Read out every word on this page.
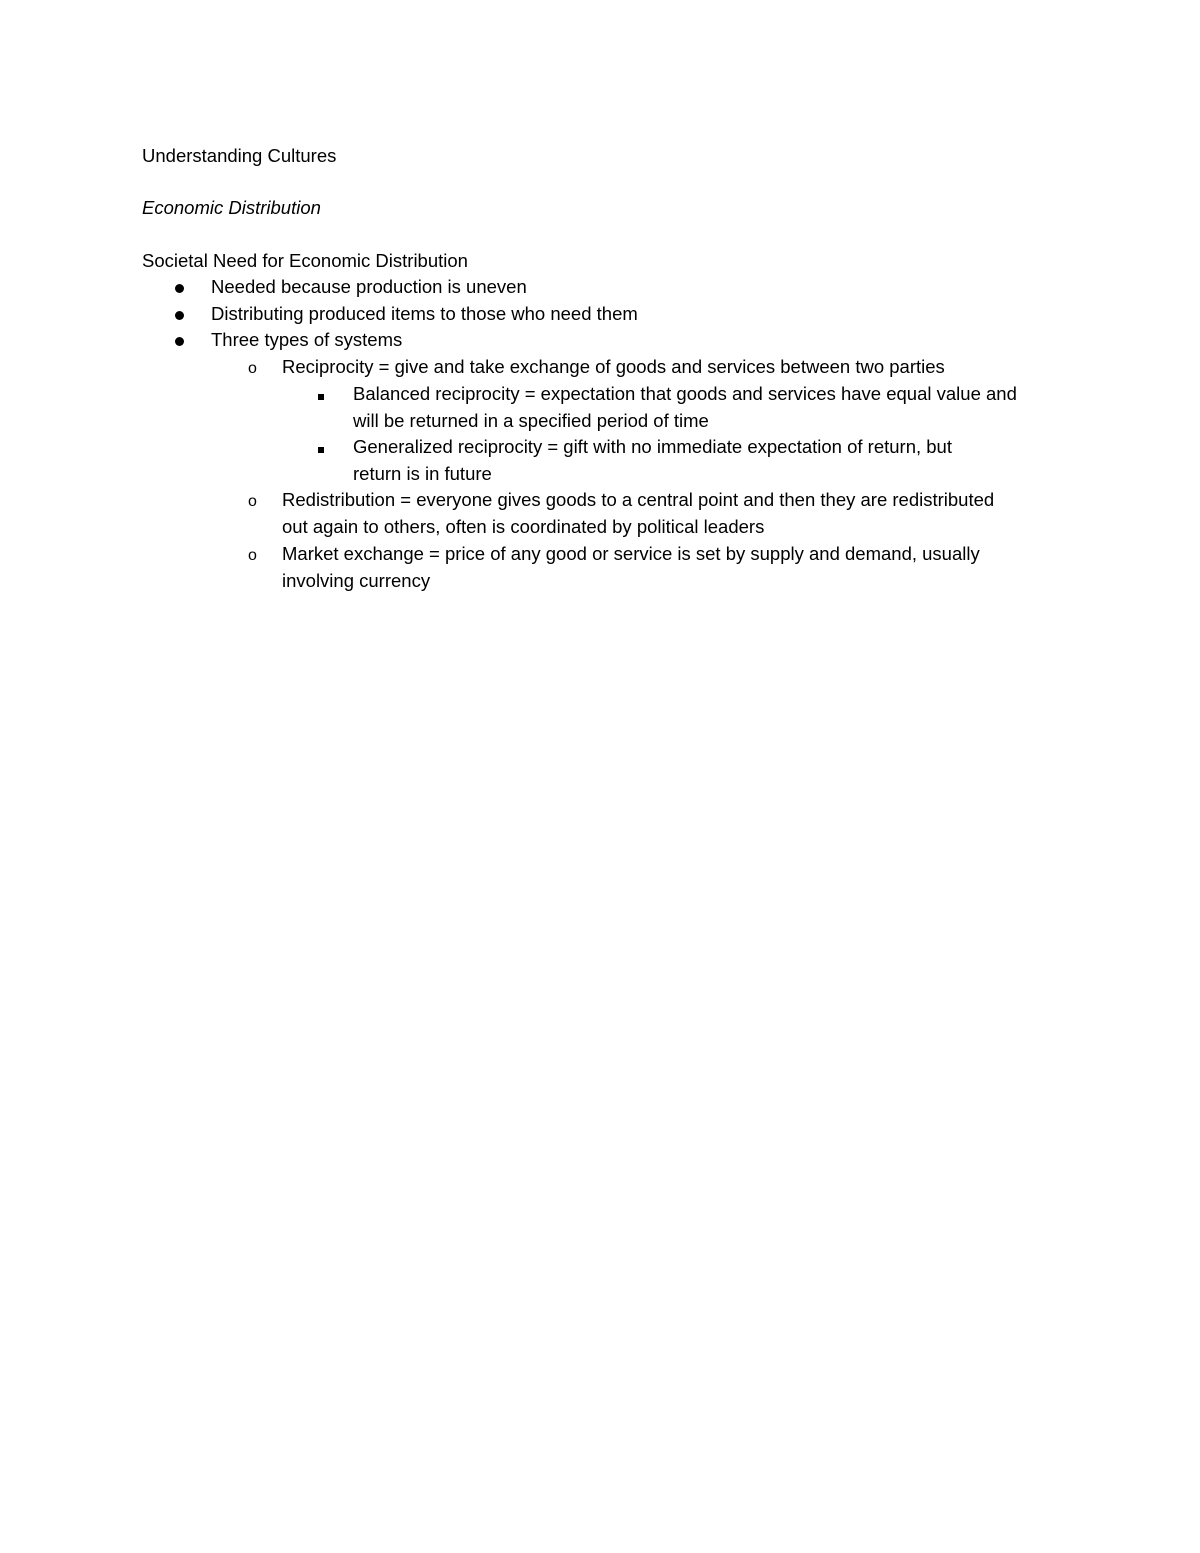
Understanding Cultures
Economic Distribution
Societal Need for Economic Distribution
Needed because production is uneven
Distributing produced items to those who need them
Three types of systems
o Reciprocity = give and take exchange of goods and services between two parties
Balanced reciprocity = expectation that goods and services have equal value and
will be returned in a specified period of time
Generalized reciprocity = gift with no immediate expectation of return, but
return is in future
o Redistribution = everyone gives goods to a central point and then they are redistributed
out again to others, often is coordinated by political leaders
o Market exchange = price of any good or service is set by supply and demand, usually
involving currency
